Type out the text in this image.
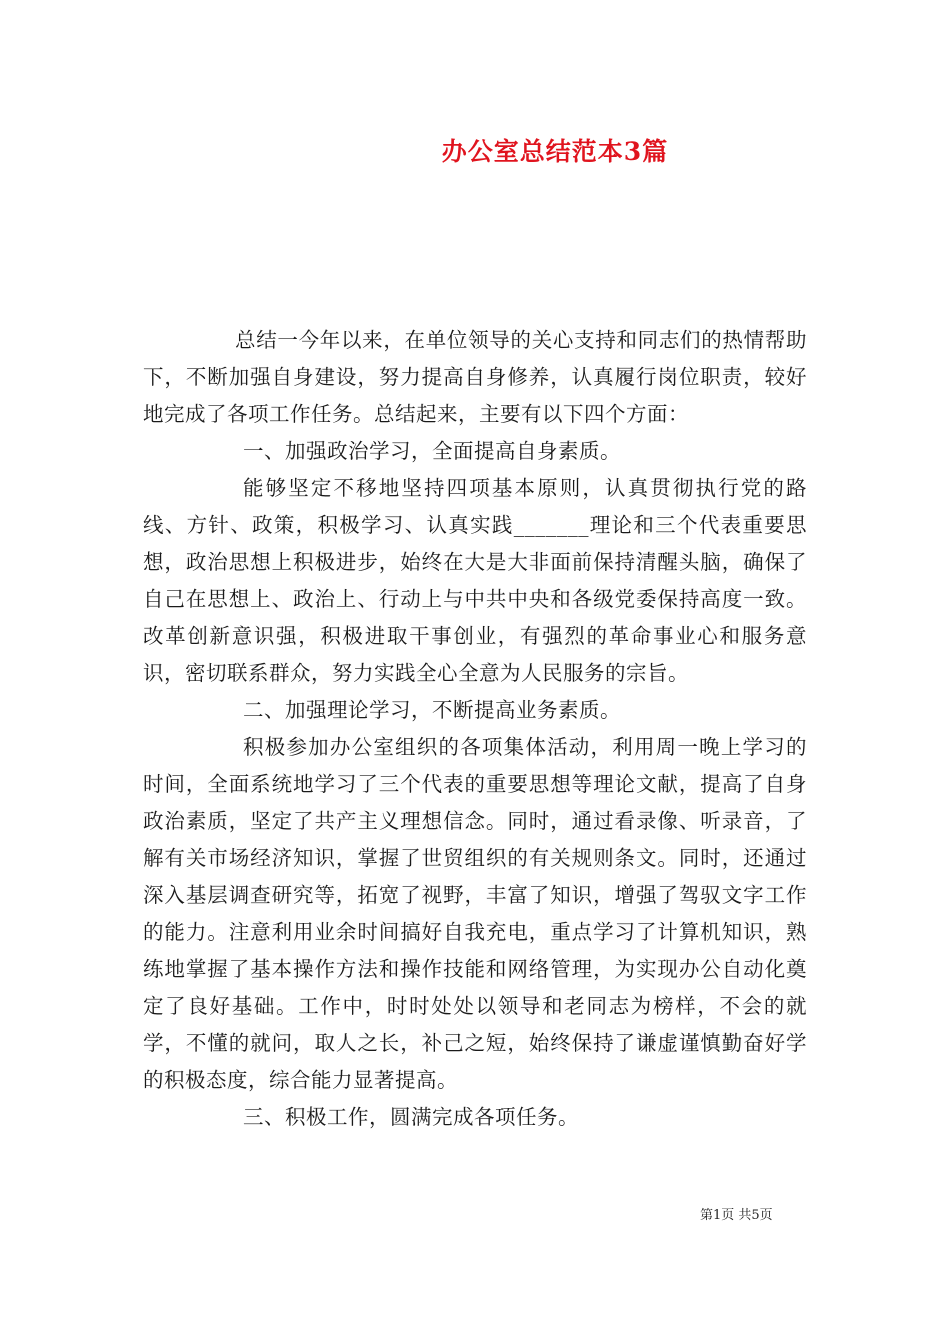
办公室总结范本3篇

总结一今年以来，在单位领导的关心支持和同志们的热情帮助下，不断加强自身建设，努力提高自身修养，认真履行岗位职责，较好地完成了各项工作任务。总结起来，主要有以下四个方面：

一、加强政治学习，全面提高自身素质。

能够坚定不移地坚持四项基本原则，认真贯彻执行党的路线、方针、政策，积极学习、认真实践_______理论和三个代表重要思想，政治思想上积极进步，始终在大是大非面前保持清醒头脑，确保了自己在思想上、政治上、行动上与中共中央和各级党委保持高度一致。改革创新意识强，积极进取干事创业，有强烈的革命事业心和服务意识，密切联系群众，努力实践全心全意为人民服务的宗旨。

二、加强理论学习，不断提高业务素质。

积极参加办公室组织的各项集体活动，利用周一晚上学习的时间，全面系统地学习了三个代表的重要思想等理论文献，提高了自身政治素质，坚定了共产主义理想信念。同时，通过看录像、听录音，了解有关市场经济知识，掌握了世贸组织的有关规则条文。同时，还通过深入基层调查研究等，拓宽了视野，丰富了知识，增强了驾驭文字工作的能力。注意利用业余时间搞好自我充电，重点学习了计算机知识，熟练地掌握了基本操作方法和操作技能和网络管理，为实现办公自动化奠定了良好基础。工作中，时时处处以领导和老同志为榜样，不会的就学，不懂的就问，取人之长，补己之短，始终保持了谦虚谨慎勤奋好学的积极态度，综合能力显著提高。

三、积极工作，圆满完成各项任务。

第1页 共5页
